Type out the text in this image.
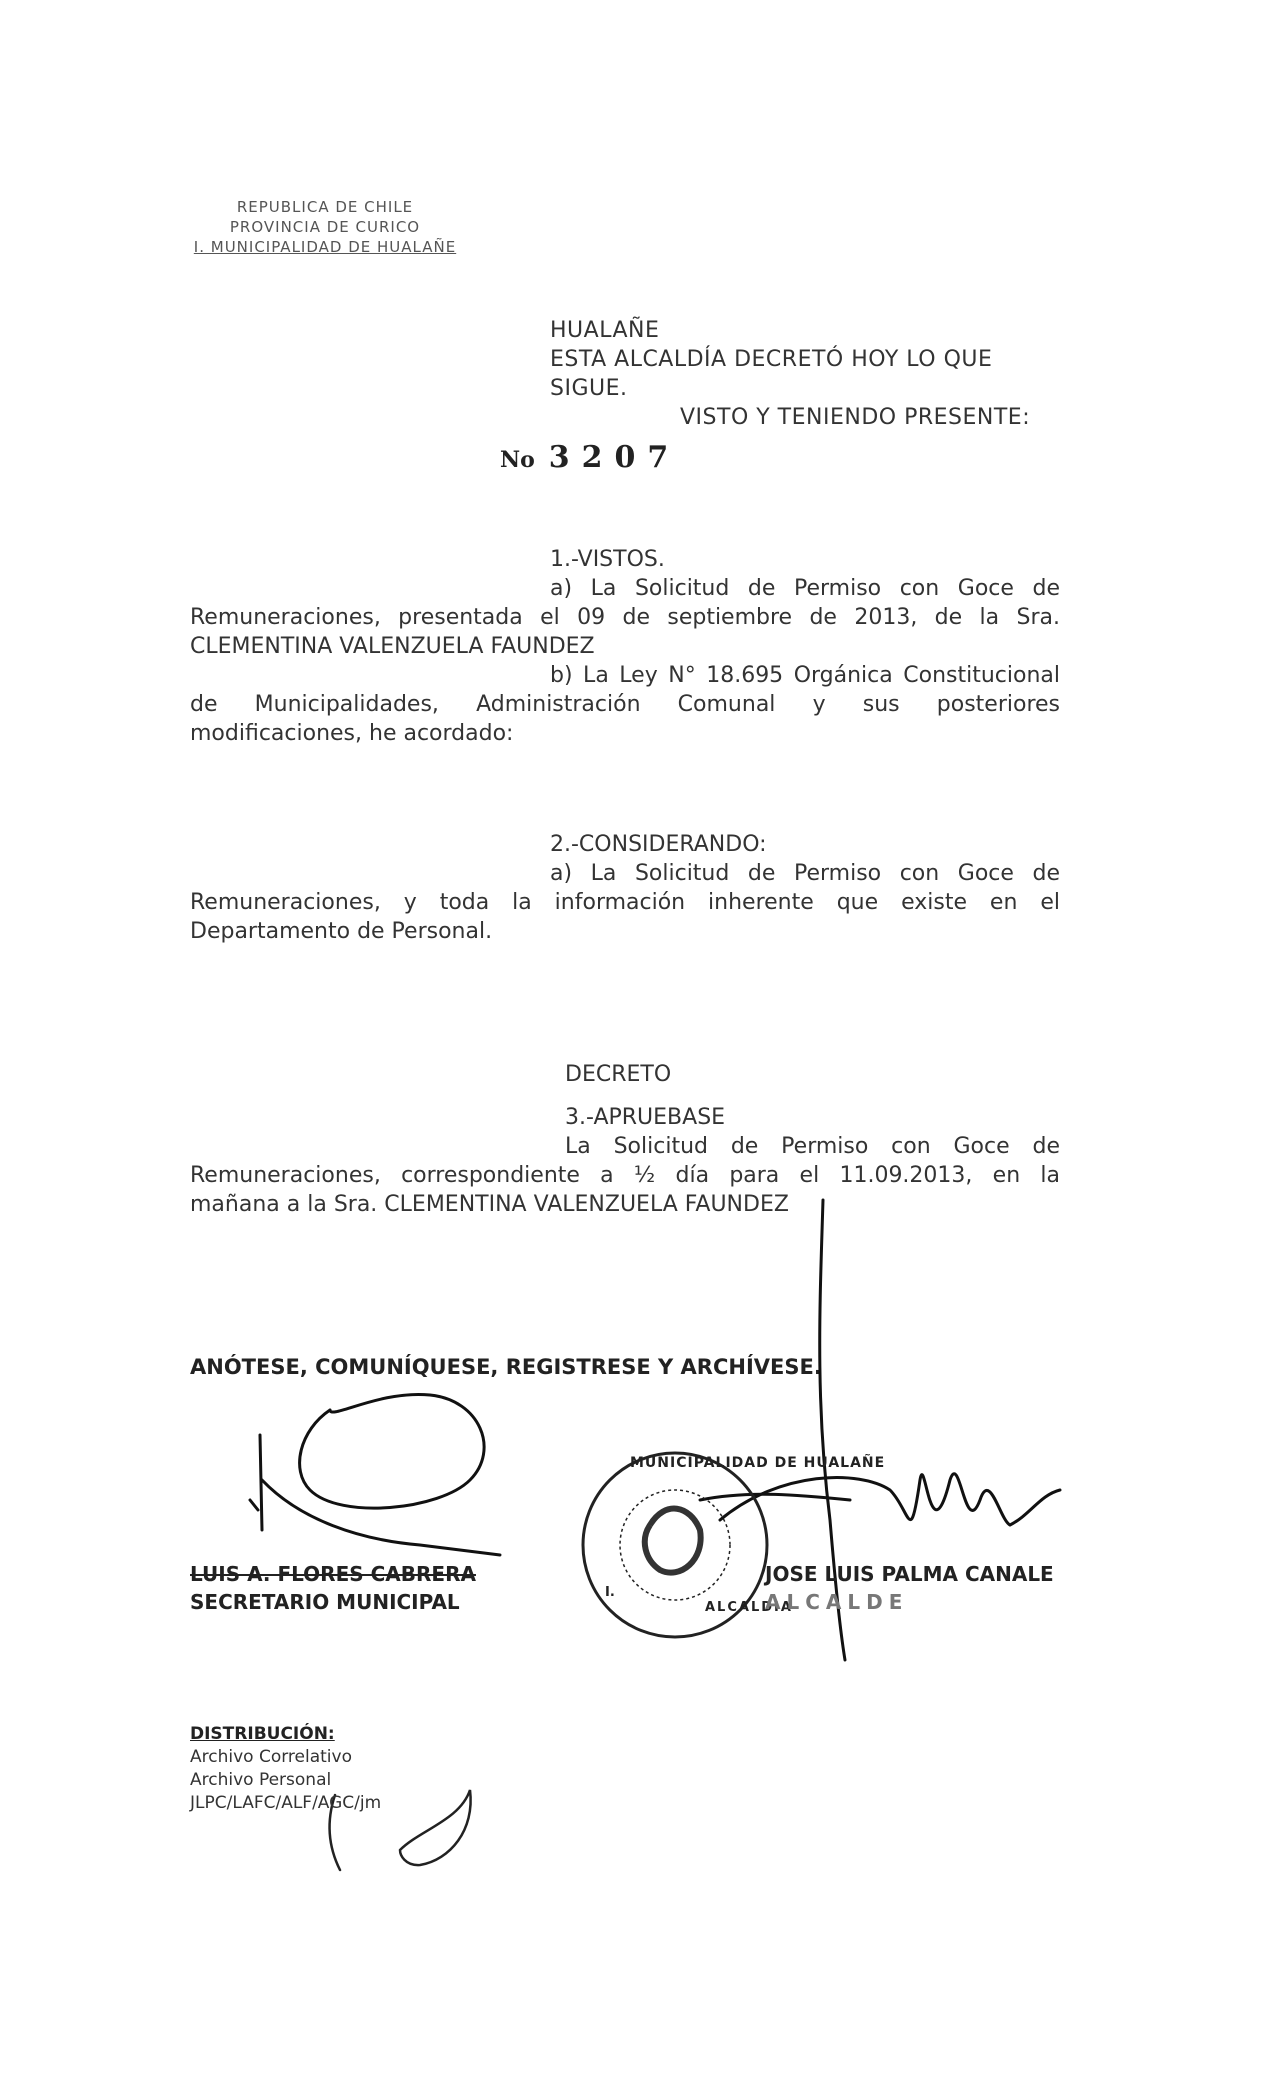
REPUBLICA DE CHILE
PROVINCIA DE CURICO
I. MUNICIPALIDAD DE HUALAÑE
HUALAÑE
ESTA ALCALDÍA DECRETÓ HOY LO QUE
SIGUE.
VISTO Y TENIENDO PRESENTE:
No 3207
1.-VISTOS.
a) La Solicitud de Permiso con Goce de
Remuneraciones, presentada el 09 de septiembre de 2013, de la Sra.
CLEMENTINA VALENZUELA FAUNDEZ
b) La Ley N° 18.695 Orgánica Constitucional
de Municipalidades, Administración Comunal y sus posteriores
modificaciones, he acordado:
2.-CONSIDERANDO:
a) La Solicitud de Permiso con Goce de
Remuneraciones, y toda la información inherente que existe en el
Departamento de Personal.
DECRETO
3.-APRUEBASE
La Solicitud de Permiso con Goce de
Remuneraciones, correspondiente a ½ día para el 11.09.2013, en la
mañana a la Sra. CLEMENTINA VALENZUELA FAUNDEZ
ANÓTESE, COMUNÍQUESE, REGISTRESE Y ARCHÍVESE.
MUNICIPALIDAD DE HUALAÑE
ALCALDIA
I.
LUIS A. FLORES CABRERA
SECRETARIO MUNICIPAL
JOSE LUIS PALMA CANALE
ALCALDE
DISTRIBUCIÓN:
Archivo Correlativo
Archivo Personal
JLPC/LAFC/ALF/AGC/jm
